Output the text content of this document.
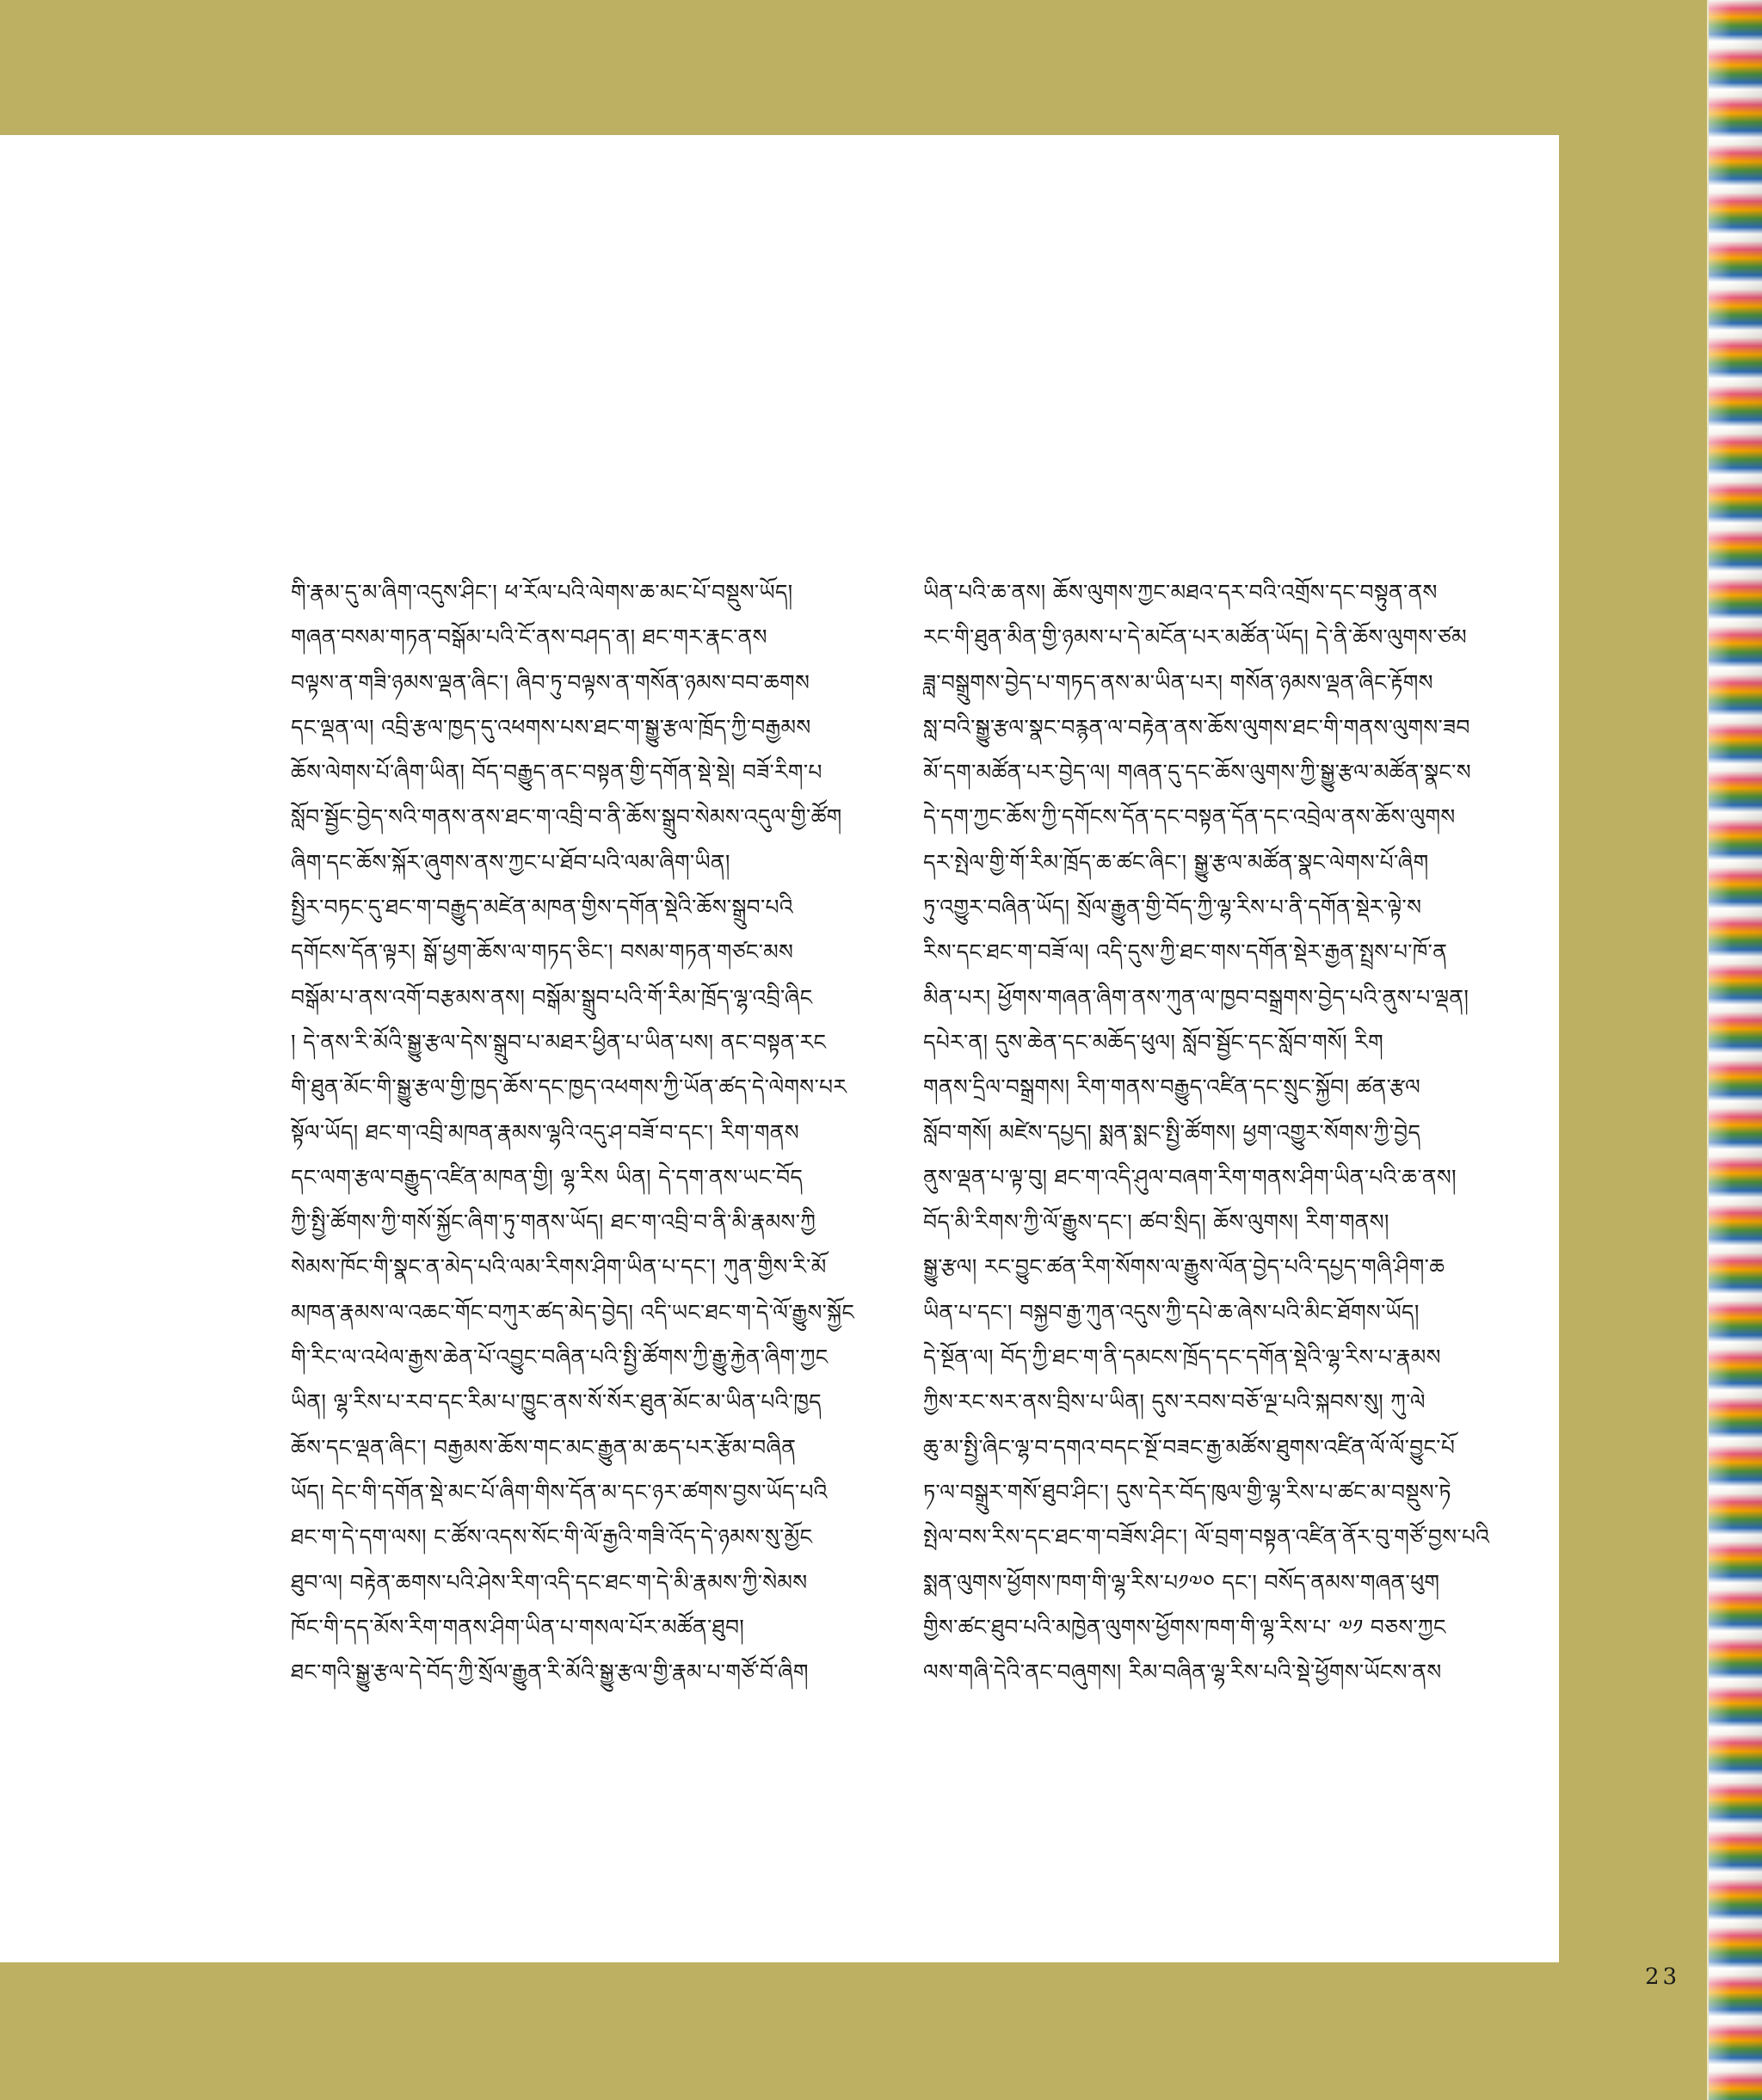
གི་རྣམ་དུ་མ་ཞིག་འདུས་ཤིང༌། ཕ་རོལ་པའི་ལེགས་ཆ་མང་པོ་བསྡུས་ཡོད།
གཞན་བསམ་གཏན་བསྒོམ་པའི་ངོ་ནས་བཤད་ན། ཐང་གར་རྣང་ནས
བལྟས་ན་གཟི་ཉམས་ལྡན་ཞིང༌། ཞིབ་ཏུ་བལྟས་ན་གསོན་ཉམས་བབ་ཆགས
དང་ལྡན་ལ། འབྲི་རྩལ་ཁྱད་དུ་འཕགས་པས་ཐང་ག་སྒྱུ་རྩལ་ཁྲོད་ཀྱི་བརྒྱམས
ཆོས་ལེགས་པོ་ཞིག་ཡིན། བོད་བརྒྱུད་ནང་བསྟན་གྱི་དགོན་སྡེ་སྡེ། བཟོ་རིག་པ
སློབ་སྦྱོང་བྱེད་སའི་གནས་ནས་ཐང་ག་འབྲི་བ་ནི་ཆོས་སྒྲུབ་སེམས་འདུལ་གྱི་ཚོག
ཞིག་དང་ཆོས་སྐོར་ཞུགས་ནས་ཀྱང་པ་ཐོབ་པའི་ལམ་ཞིག་ཡིན།
སྤྱིར་བཏང་དུ་ཐང་ག་བརྒྱུད་མཛེན་མཁན་གྱིས་དགོན་སྡེའི་ཆོས་སྒྲུབ་པའི
དགོངས་དོན་ལྟར། སྒོ་ཕྱག་ཆོས་ལ་གཏད་ཅིང༌། བསམ་གཏན་གཙང་མས
བསྒོམ་པ་ནས་འགོ་བརྩམས་ནས། བསྒོམ་སྒྲུབ་པའི་གོ་རིམ་ཁྲོད་ལྷ་འབྲི་ཞིང
། དེ་ནས་རི་མོའི་སྒྱུ་རྩལ་དེས་སྒྲུབ་པ་མཐར་ཕྱིན་པ་ཡིན་པས། ནང་བསྟན་རང
གི་ཐུན་མོང་གི་སྒྱུ་རྩལ་གྱི་ཁྱད་ཆོས་དང་ཁྱད་འཕགས་ཀྱི་ཡོན་ཚད་དེ་ལེགས་པར
སྟོལ་ཡོད། ཐང་ག་འབྲི་མཁན་རྣམས་ལྷའི་འདུ་ཤ་བཟོ་བ་དང༌། རིག་གནས
དང་ལག་རྩལ་བརྒྱུད་འཛིན་མཁན་གྱི། ལྷ་རིས ཡིན། དེ་དག་ནས་ཡང་བོད
ཀྱི་སྤྱི་ཚོགས་ཀྱི་གསོ་སྐྱོང་ཞིག་ཏུ་གནས་ཡོད། ཐང་ག་འབྲི་བ་ནི་མི་རྣམས་ཀྱི
སེམས་ཁོང་གི་སྣང་ན་མེད་པའི་ལམ་རིགས་ཤིག་ཡིན་པ་དང༌། ཀུན་གྱིས་རི་མོ
མཁན་རྣམས་ལ་འཆང་གོང་བཀུར་ཚད་མེད་བྱེད། འདི་ཡང་ཐང་ག་དེ་ལོ་རྒྱུས་སྐྱོང
གི་རིང་ལ་འཕེལ་རྒྱས་ཆེན་པོ་འབྱུང་བཞིན་པའི་སྤྱི་ཚོགས་ཀྱི་རྒྱུ་རྐྱེན་ཞིག་ཀྱང
ཡིན། ལྷ་རིས་པ་རབ་དང་རིམ་པ་ཁྱུང་ནས་སོ་སོར་ཐུན་མོང་མ་ཡིན་པའི་ཁྱད
ཆོས་དང་ལྡན་ཞིང༌། བརྒྱམས་ཆོས་གང་མང་རྒྱུན་མ་ཆད་པར་རྩོམ་བཞིན
ཡོད། དེང་གི་དགོན་སྡེ་མང་པོ་ཞིག་གིས་དོན་མ་དང་ཉར་ཚགས་བྱས་ཡོད་པའི
ཐང་ག་དེ་དག་ལས། ང་ཚོས་འདས་སོང་གི་ལོ་རྒྱའི་གཟི་འོད་དེ་ཉམས་སུ་མྱོང
ཐུབ་ལ། བརྟེན་ཆགས་པའི་ཤེས་རིག་འདི་དང་ཐང་ག་དེ་མི་རྣམས་ཀྱི་སེམས
ཁོང་གི་དད་མོས་རིག་གནས་ཤིག་ཡིན་པ་གསལ་པོར་མཚོན་ཐུབ།
ཐང་གའི་སྒྱུ་རྩལ་དེ་བོད་ཀྱི་སྲོལ་རྒྱུན་རི་མོའི་སྒྱུ་རྩལ་གྱི་རྣམ་པ་གཙོ་བོ་ཞིག
ཡིན་པའི་ཆ་ནས། ཆོས་ལུགས་ཀྱང་མཐའ་དར་བའི་འགྲོས་དང་བསྟུན་ནས
རང་གི་ཐུན་མིན་གྱི་ཉམས་པ་དེ་མངོན་པར་མཚོན་ཡོད། དེ་ནི་ཆོས་ལུགས་ཙམ
ཟླ་བསྒྲུགས་བྱེད་པ་གཏད་ནས་མ་ཡིན་པར། གསོན་ཉམས་ལྡན་ཞིང་རྟོགས
སླ་བའི་སྒྱུ་རྩལ་སྣང་བརྙན་ལ་བརྟེན་ནས་ཆོས་ལུགས་ཐང་གི་གནས་ལུགས་ཟབ
མོ་དག་མཚོན་པར་བྱེད་ལ། གཞན་དུ་དང་ཆོས་ལུགས་ཀྱི་སྒྱུ་རྩལ་མཚོན་སྣང་ས
དེ་དག་ཀྱང་ཆོས་ཀྱི་དགོངས་དོན་དང་བསྟན་དོན་དང་འབྲེལ་ནས་ཆོས་ལུགས
དར་སྤེལ་གྱི་གོ་རིམ་ཁྲོད་ཆ་ཚང་ཞིང༌། སྒྱུ་རྩལ་མཚོན་སྣང་ལེགས་པོ་ཞིག
ཏུ་འགྱུར་བཞིན་ཡོད། སྲོལ་རྒྱུན་གྱི་བོད་ཀྱི་ལྷ་རིས་པ་ནི་དགོན་སྡེར་ལྟེ་ས
རིས་དང་ཐང་ག་བཟོ་ལ། འདི་དུས་ཀྱི་ཐང་གས་དགོན་སྡེར་རྒྱན་སྤྲས་པ་ཁོ་ན
མིན་པར། ཕྱོགས་གཞན་ཞིག་ནས་ཀུན་ལ་ཁྱབ་བསྒྲགས་བྱེད་པའི་ནུས་པ་ལྡན།
དཔེར་ན། དུས་ཆེན་དང་མཆོད་ཕུལ། སློབ་སྦྱོང་དང་སློབ་གསོ། རིག
གནས་དྲིལ་བསྒྲགས། རིག་གནས་བརྒྱུད་འཛིན་དང་སྲུང་སྐྱོབ། ཚན་རྩལ
སློབ་གསོ། མཛེས་དཔྱད། སྨན་སྨང་སྤྱི་ཚོགས། ཕྱག་འགྱུར་སོགས་ཀྱི་བྱེད
ནུས་ལྡན་པ་ལྟ་བུ། ཐང་ག་འདི་ཤུལ་བཞག་རིག་གནས་ཤིག་ཡིན་པའི་ཆ་ནས།
བོད་མི་རིགས་ཀྱི་ལོ་རྒྱུས་དང་། ཚབ་སྲིད། ཆོས་ལུགས། རིག་གནས།
སྒྱུ་རྩལ། རང་བྱུང་ཚན་རིག་སོགས་ལ་རྒྱུས་ལོན་བྱེད་པའི་དཔྱད་གཞི་ཤིག་ཆ
ཡིན་པ་དང༌། བསྐྱབ་རྒྱ་ཀུན་འདུས་ཀྱི་དཔེ་ཆ་ཞེས་པའི་མིང་ཐོགས་ཡོད།
དེ་སྔོན་ལ། བོད་ཀྱི་ཐང་ག་ནི་དམངས་ཁྲོད་དང་དགོན་སྡེའི་ལྷ་རིས་པ་རྣམས
ཀྱིས་རང་སར་ནས་བྲིས་པ་ཡིན། དུས་རབས་བཅོ་ལྔ་པའི་སྐབས་སུ། ཀུ་ལེ
ཆུ་མ་སྤྱི་ཞིང་ལྷ་བ་དགའ་བདང་སྔོ་བཟང་རྒྱ་མཚོས་ཐུགས་འཛིན་ལོ་ལོ་བྱུང་པོ
ཏ་ལ་བསྒྲུར་གསོ་ཐུབ་ཤིང༌། དུས་དེར་བོད་ཁུལ་གྱི་ལྷ་རིས་པ་ཚང་མ་བསྡུས་ཏེ
སྤེལ་བས་རིས་དང་ཐང་ག་བཟོས་ཤིང༌། ལོ་བྲག་བསྟན་འཛིན་ནོར་བུ་གཙོ་བྱས་པའི
སྨན་ལུགས་ཕྱོགས་ཁག་གི་ལྷ་རིས་པ༡༧༠ དང༌། བསོད་ནམས་གཞན་ཕུག
གྱིས་ཚང་ཐུབ་པའི་མཁྱེན་ལུགས་ཕྱོགས་ཁག་གི་ལྷ་རིས་པ་ ༧༡ བཅས་ཀྱང
ལས་གཞི་དེའི་ནང་བཞུགས། རིམ་བཞིན་ལྷ་རིས་པའི་སྡེ་ཕྱོགས་ཡོངས་ནས
23
